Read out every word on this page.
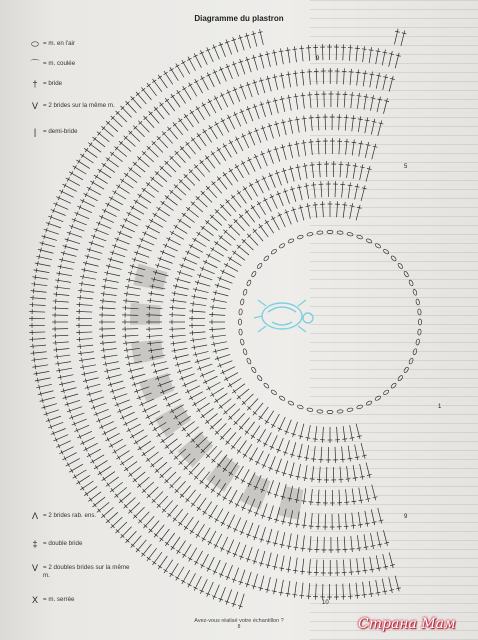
9
5
1
9
10
Diagramme du plastron
⬭ = m. en l'air
⌒ = m. coulée
† = bride
V = 2 brides sur la même m.
|	= demi-bride
Λ = 2 brides rab. ens.
‡ = double bride
V = 2 doubles brides sur la même m.
X = m. serrée
Avez-vous réalisé votre échantillon ?
8	Страна Мам
